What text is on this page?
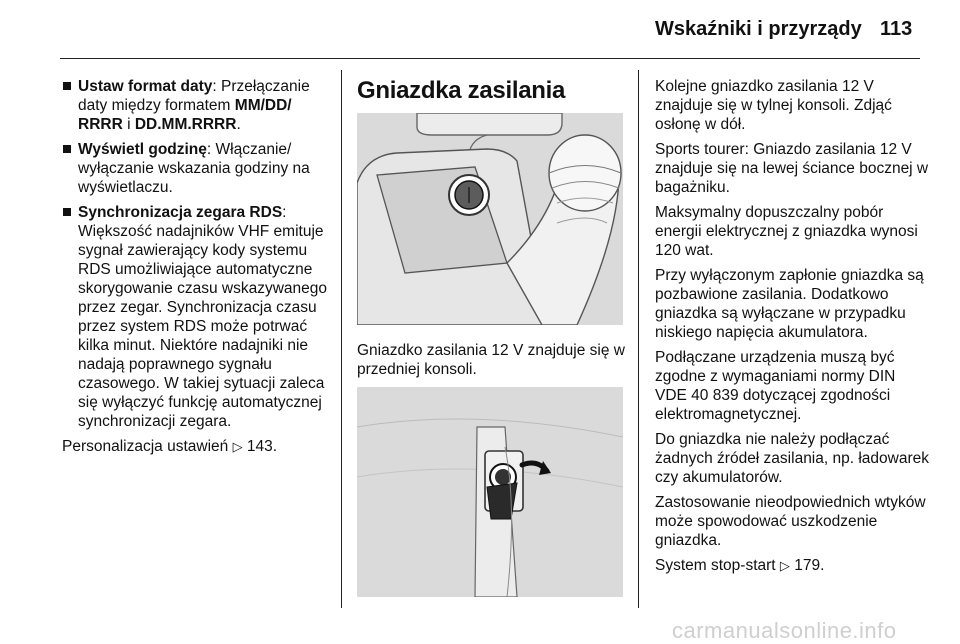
Wskaźniki i przyrządy 113
Ustaw format daty: Przełączanie daty między formatem MM/DD/ RRRR i DD.MM.RRRR.
Wyświetl godzinę: Włączanie/ wyłączanie wskazania godziny na wyświetlaczu.
Synchronizacja zegara RDS: Większość nadajników VHF emituje sygnał zawierający kody systemu RDS umożliwiające automatyczne skorygowanie czasu wskazywanego przez zegar. Synchronizacja czasu przez system RDS może potrwać kilka minut. Niektóre nadajniki nie nadają poprawnego sygnału czasowego. W takiej sytuacji zaleca się wyłączyć funkcję automatycznej synchronizacji zegara.

Personalizacja ustawień ▷ 143.

Gniazdka zasilania

Gniazdko zasilania 12 V znajduje się w przedniej konsoli.

Kolejne gniazdko zasilania 12 V znajduje się w tylnej konsoli. Zdjąć osłonę w dół.

Sports tourer: Gniazdo zasilania 12 V znajduje się na lewej ściance bocznej w bagażniku.

Maksymalny dopuszczalny pobór energii elektrycznej z gniazdka wynosi 120 wat.

Przy wyłączonym zapłonie gniazdka są pozbawione zasilania. Dodatkowo gniazdka są wyłączane w przypadku niskiego napięcia akumulatora.

Podłączane urządzenia muszą być zgodne z wymaganiami normy DIN VDE 40 839 dotyczącej zgodności elektromagnetycznej.

Do gniazdka nie należy podłączać żadnych źródeł zasilania, np. ładowarek czy akumulatorów.

Zastosowanie nieodpowiednich wtyków może spowodować uszkodzenie gniazdka.

System stop-start ▷ 179.

carmanualsonline.info
